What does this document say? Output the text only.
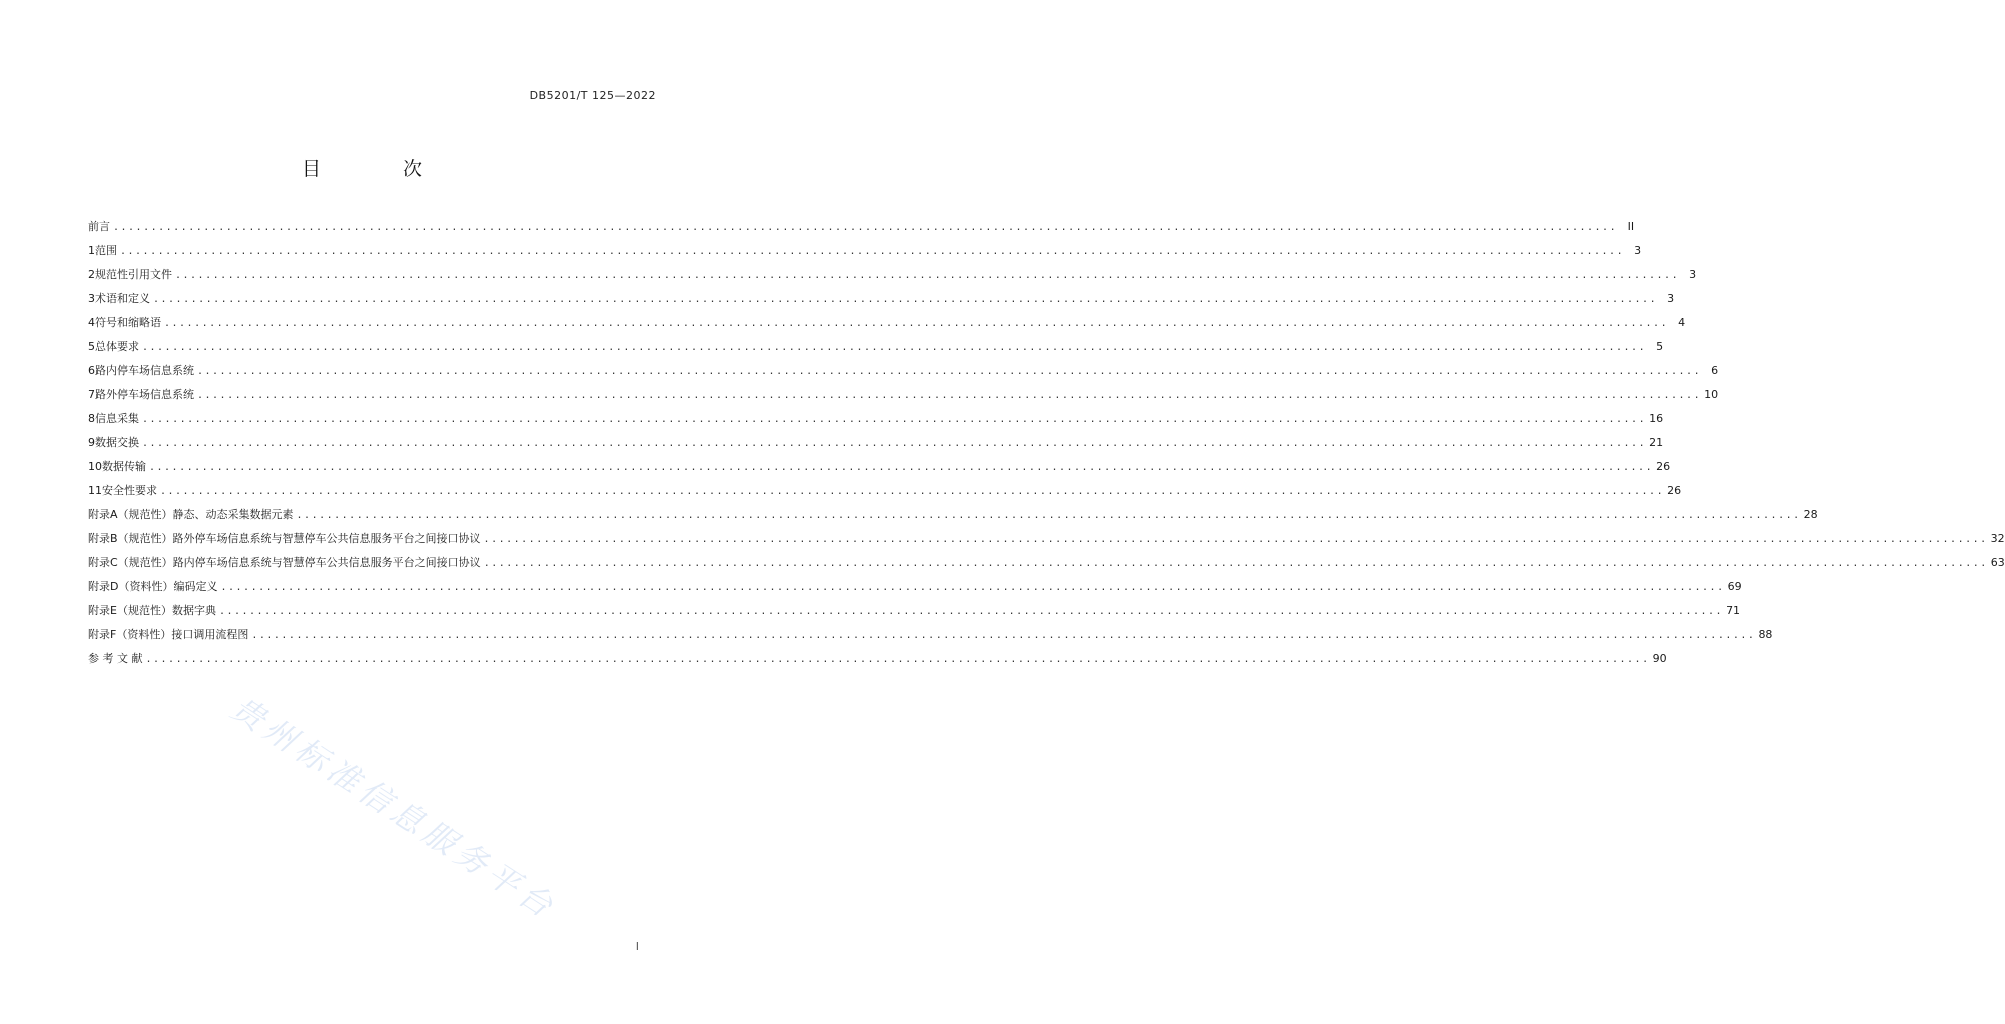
DB5201/T 125—2022
目 次
前言 ........................................................................................................................................................................................................ II
1 范围 ........................................................................................................................................................................................................ 3
2 规范性引用文件 ........................................................................................................................................................................................................ 3
3 术语和定义 ........................................................................................................................................................................................................ 3
4 符号和缩略语 ........................................................................................................................................................................................................ 4
5 总体要求 ........................................................................................................................................................................................................ 5
6 路内停车场信息系统 ........................................................................................................................................................................................................ 6
7 路外停车场信息系统 ........................................................................................................................................................................................................ 10
8 信息采集 ........................................................................................................................................................................................................ 16
9 数据交换 ........................................................................................................................................................................................................ 21
10 数据传输 ........................................................................................................................................................................................................ 26
11 安全性要求 ........................................................................................................................................................................................................ 26
附录A（规范性） 静态、动态采集数据元素 ........................................................................................................................................................................................................ 28
附录B（规范性） 路外停车场信息系统与智慧停车公共信息服务平台之间接口协议 ........................................................................................................................................................................................................ 32
附录C（规范性） 路内停车场信息系统与智慧停车公共信息服务平台之间接口协议 ........................................................................................................................................................................................................ 63
附录D（资料性） 编码定义 ........................................................................................................................................................................................................ 69
附录E（规范性） 数据字典 ........................................................................................................................................................................................................ 71
附录F（资料性） 接口调用流程图 ........................................................................................................................................................................................................ 88
参 考 文 献 ........................................................................................................................................................................................................ 90
贵州标准信息服务平台
I
